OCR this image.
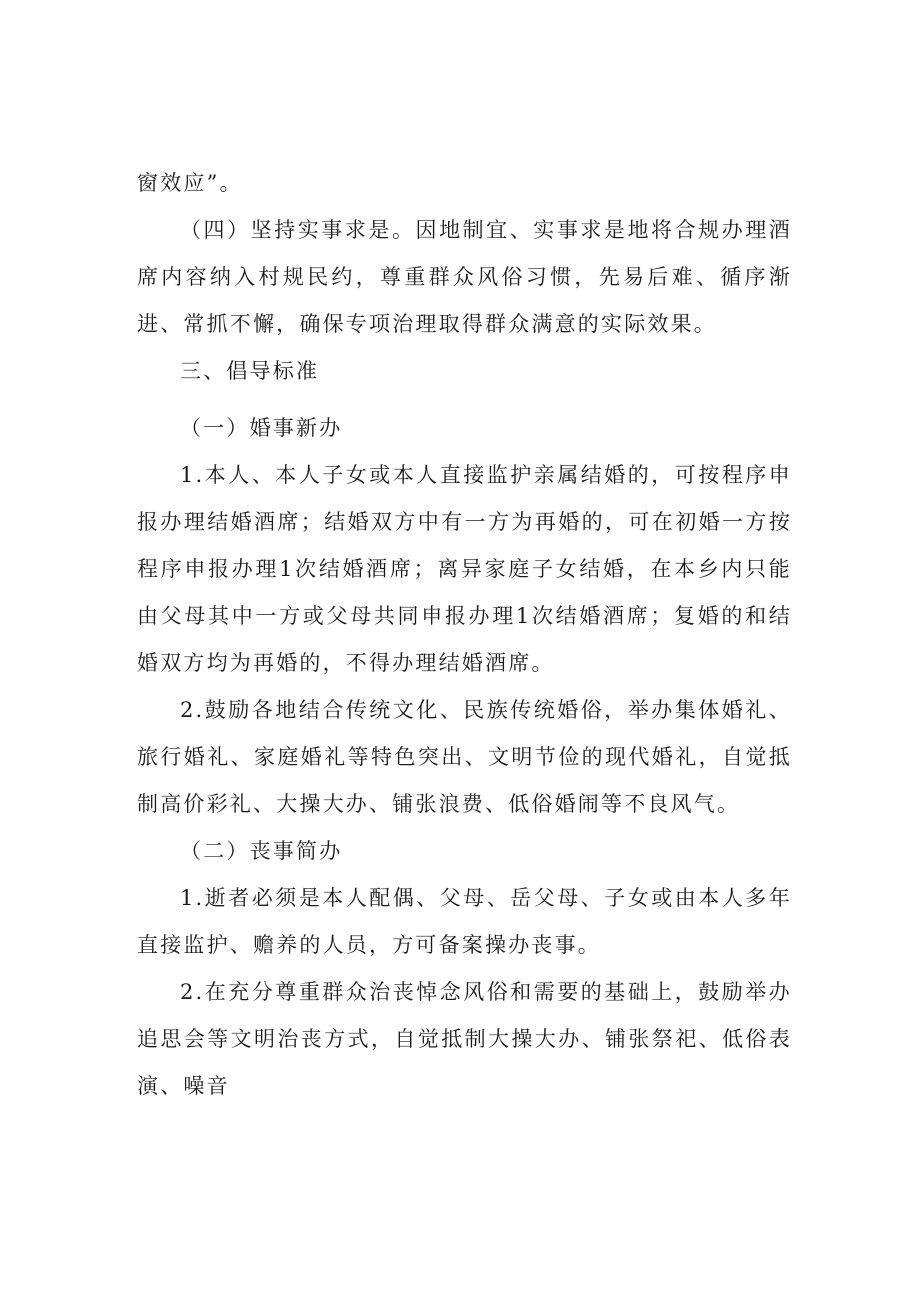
窗效应”。

（四）坚持实事求是。因地制宜、实事求是地将合规办理酒席内容纳入村规民约，尊重群众风俗习惯，先易后难、循序渐进、常抓不懈，确保专项治理取得群众满意的实际效果。

三、倡导标准

（一）婚事新办

1.本人、本人子女或本人直接监护亲属结婚的，可按程序申报办理结婚酒席；结婚双方中有一方为再婚的，可在初婚一方按程序申报办理1次结婚酒席；离异家庭子女结婚，在本乡内只能由父母其中一方或父母共同申报办理1次结婚酒席；复婚的和结婚双方均为再婚的，不得办理结婚酒席。

2.鼓励各地结合传统文化、民族传统婚俗，举办集体婚礼、旅行婚礼、家庭婚礼等特色突出、文明节俭的现代婚礼，自觉抵制高价彩礼、大操大办、铺张浪费、低俗婚闹等不良风气。

（二）丧事简办

1.逝者必须是本人配偶、父母、岳父母、子女或由本人多年直接监护、赡养的人员，方可备案操办丧事。

2.在充分尊重群众治丧悼念风俗和需要的基础上，鼓励举办追思会等文明治丧方式，自觉抵制大操大办、铺张祭祀、低俗表演、噪音
